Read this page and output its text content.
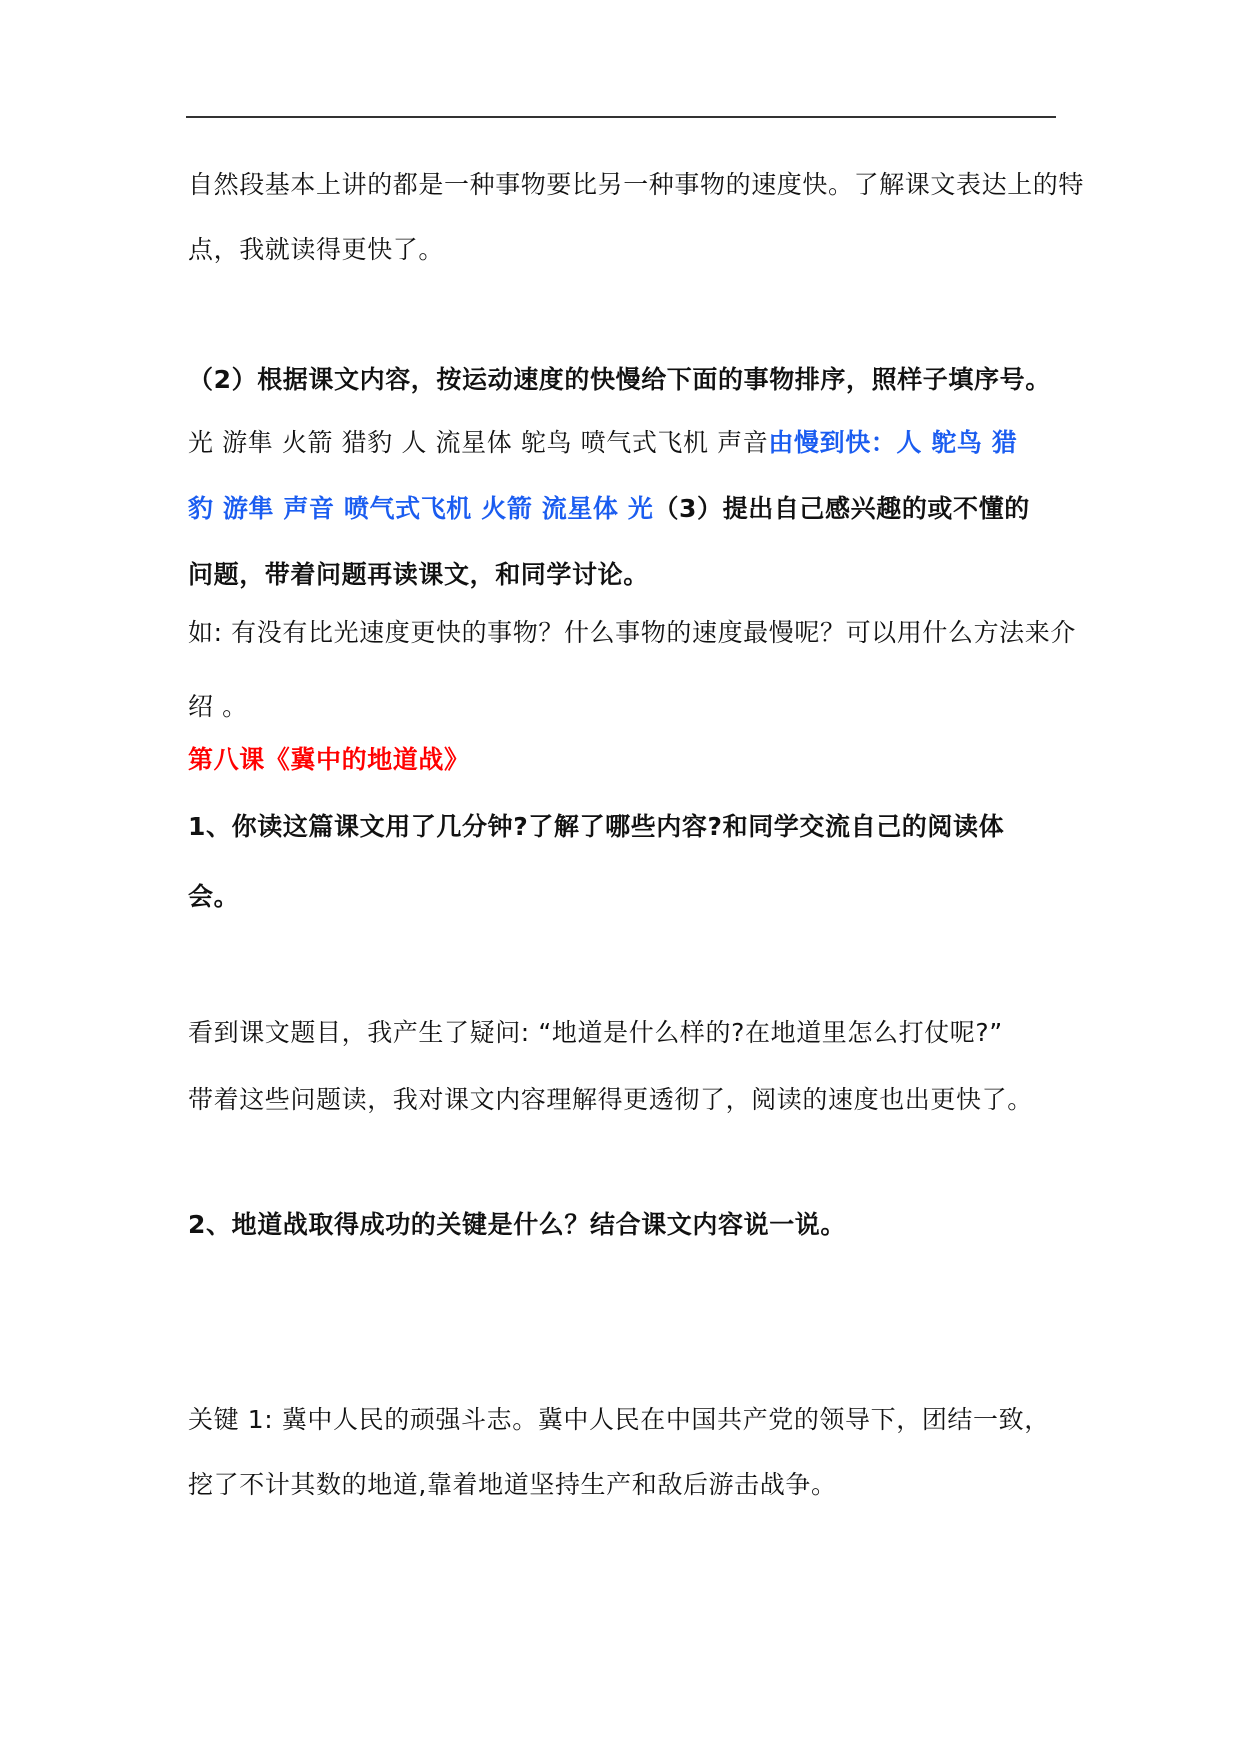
自然段基本上讲的都是一种事物要比另一种事物的速度快。了解课文表达上的特
点，我就读得更快了。
（2）根据课文内容，按运动速度的快慢给下面的事物排序，照样子填序号。
光 游隼 火箭 猎豹 人 流星体 鸵鸟 喷气式飞机 声音由慢到快：人 鸵鸟 猎
豹 游隼 声音 喷气式飞机 火箭 流星体 光（3）提出自己感兴趣的或不懂的
问题，带着问题再读课文，和同学讨论。
如: 有没有比光速度更快的事物？什么事物的速度最慢呢？可以用什么方法来介
绍 。
第八课《冀中的地道战》
1、你读这篇课文用了几分钟?了解了哪些内容?和同学交流自己的阅读体
会。
看到课文题目，我产生了疑问: “地道是什么样的?在地道里怎么打仗呢?”
带着这些问题读，我对课文内容理解得更透彻了，阅读的速度也出更快了。
2、地道战取得成功的关键是什么？结合课文内容说一说。
关键 1: 冀中人民的顽强斗志。冀中人民在中国共产党的领导下，团结一致，
挖了不计其数的地道,靠着地道坚持生产和敌后游击战争。
